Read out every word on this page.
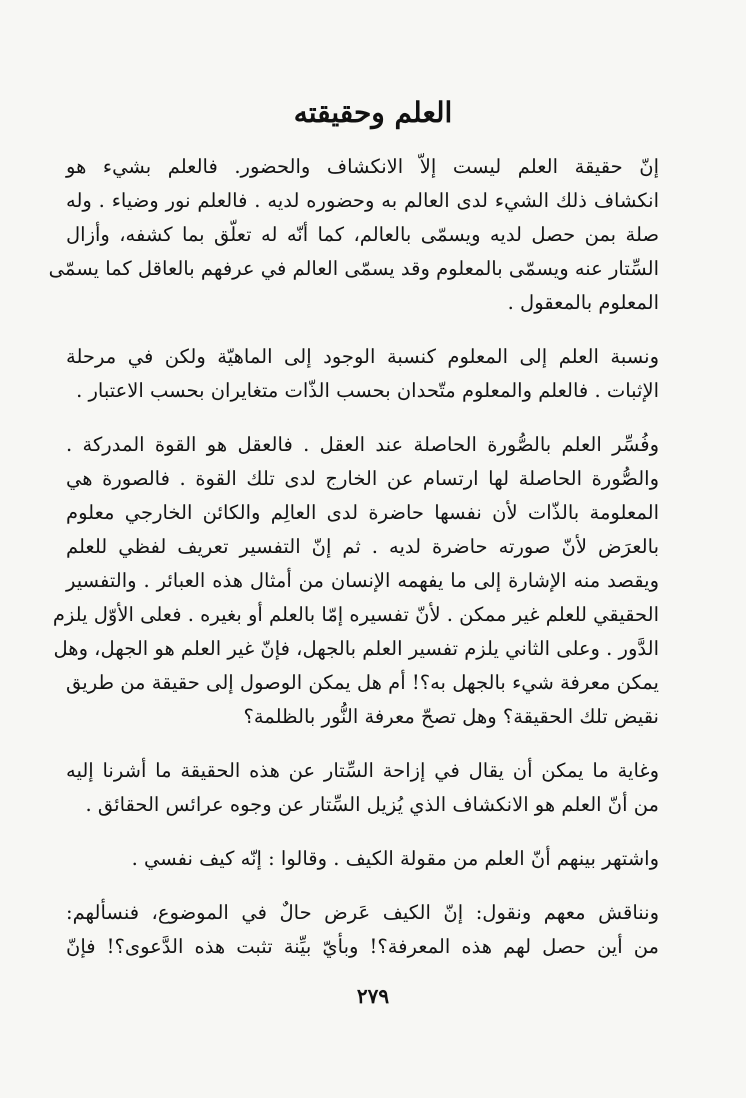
العلم وحقيقته
إنّ حقيقة العلم ليست إلاّ الانكشاف والحضور. فالعلم بشيء هو
انكشاف ذلك الشيء لدى العالم به وحضوره لديه . فالعلم نور وضياء . وله
صلة بمن حصل لديه ويسمّى بالعالم، كما أنّه له تعلّق بما كشفه، وأزال
السِّتار عنه ويسمّى بالمعلوم وقد يسمّى العالم في عرفهم بالعاقل كما يسمّى
المعلوم بالمعقول .
ونسبة العلم إلى المعلوم كنسبة الوجود إلى الماهيّة ولكن في مرحلة
الإثبات . فالعلم والمعلوم متّحدان بحسب الذّات متغايران بحسب الاعتبار .
وفُسِّر العلم بالصُّورة الحاصلة عند العقل . فالعقل هو القوة المدركة .
والصُّورة الحاصلة لها ارتسام عن الخارج لدى تلك القوة . فالصورة هي
المعلومة بالذّات لأن نفسها حاضرة لدى العالِم والكائن الخارجي معلوم
بالعرَض لأنّ صورته حاضرة لديه . ثم إنّ التفسير تعريف لفظي للعلم
ويقصد منه الإشارة إلى ما يفهمه الإنسان من أمثال هذه العبائر . والتفسير
الحقيقي للعلم غير ممكن . لأنّ تفسيره إمّا بالعلم أو بغيره . فعلى الأوّل يلزم
الدَّور . وعلى الثاني يلزم تفسير العلم بالجهل، فإنّ غير العلم هو الجهل، وهل
يمكن معرفة شيء بالجهل به؟! أم هل يمكن الوصول إلى حقيقة من طريق
نقيض تلك الحقيقة؟ وهل تصحّ معرفة النُّور بالظلمة؟
وغاية ما يمكن أن يقال في إزاحة السِّتار عن هذه الحقيقة ما أشرنا إليه
من أنّ العلم هو الانكشاف الذي يُزيل السِّتار عن وجوه عرائس الحقائق .
واشتهر بينهم أنّ العلم من مقولة الكيف . وقالوا : إنّه كيف نفسي .
ونناقش معهم ونقول: إنّ الكيف عَرض حالٌ في الموضوع، فنسألهم:
من أين حصل لهم هذه المعرفة؟! وبأيّ بيِّنة تثبت هذه الدَّعوى؟! فإنّ
٢٧٩
